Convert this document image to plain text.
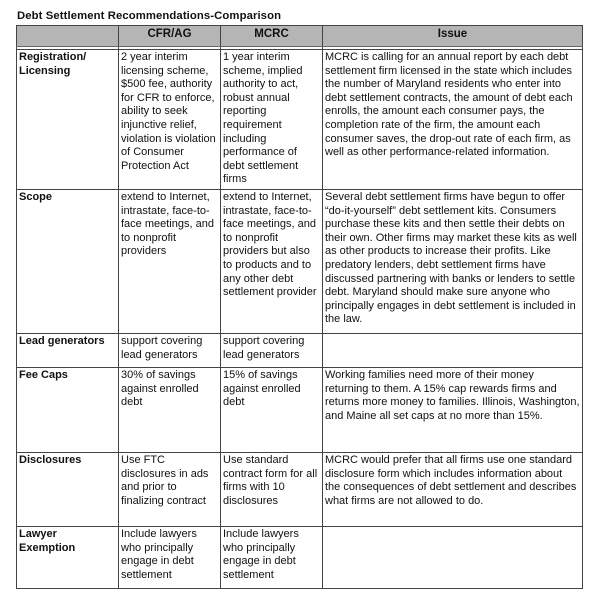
Debt Settlement Recommendations-Comparison
	CFR/AG	MCRC	Issue

Registration/ Licensing	2 year interim licensing scheme, $500 fee, authority for CFR to enforce, ability to seek injunctive relief, violation is violation of Consumer Protection Act	1 year interim scheme, implied authority to act, robust annual reporting requirement including performance of debt settlement firms	MCRC is calling for an annual report by each debt settlement firm licensed in the state which includes the number of Maryland residents who enter into debt settlement contracts, the amount of debt each enrolls, the amount each consumer pays, the completion rate of the firm, the amount each consumer saves, the drop-out rate of each firm, as well as other performance-related information.
Scope	extend to Internet, intrastate, face-to-face meetings, and to nonprofit providers	extend to Internet, intrastate, face-to-face meetings, and to nonprofit providers but also to products and to any other debt settlement provider	Several debt settlement firms have begun to offer “do-it-yourself” debt settlement kits. Consumers purchase these kits and then settle their debts on their own. Other firms may market these kits as well as other products to increase their profits. Like predatory lenders, debt settlement firms have discussed partnering with banks or lenders to settle debt. Maryland should make sure anyone who principally engages in debt settlement is included in the law.
Lead generators	support covering lead generators	support covering lead generators	
Fee Caps	30% of savings against enrolled debt	15% of savings against enrolled debt	Working families need more of their money returning to them. A 15% cap rewards firms and returns more money to families. Illinois, Washington, and Maine all set caps at no more than 15%.
Disclosures	Use FTC disclosures in ads and prior to finalizing contract	Use standard contract form for all firms with 10 disclosures	MCRC would prefer that all firms use one standard disclosure form which includes information about the consequences of debt settlement and describes what firms are not allowed to do.
Lawyer Exemption	Include lawyers who principally engage in debt settlement	Include lawyers who principally engage in debt settlement	
